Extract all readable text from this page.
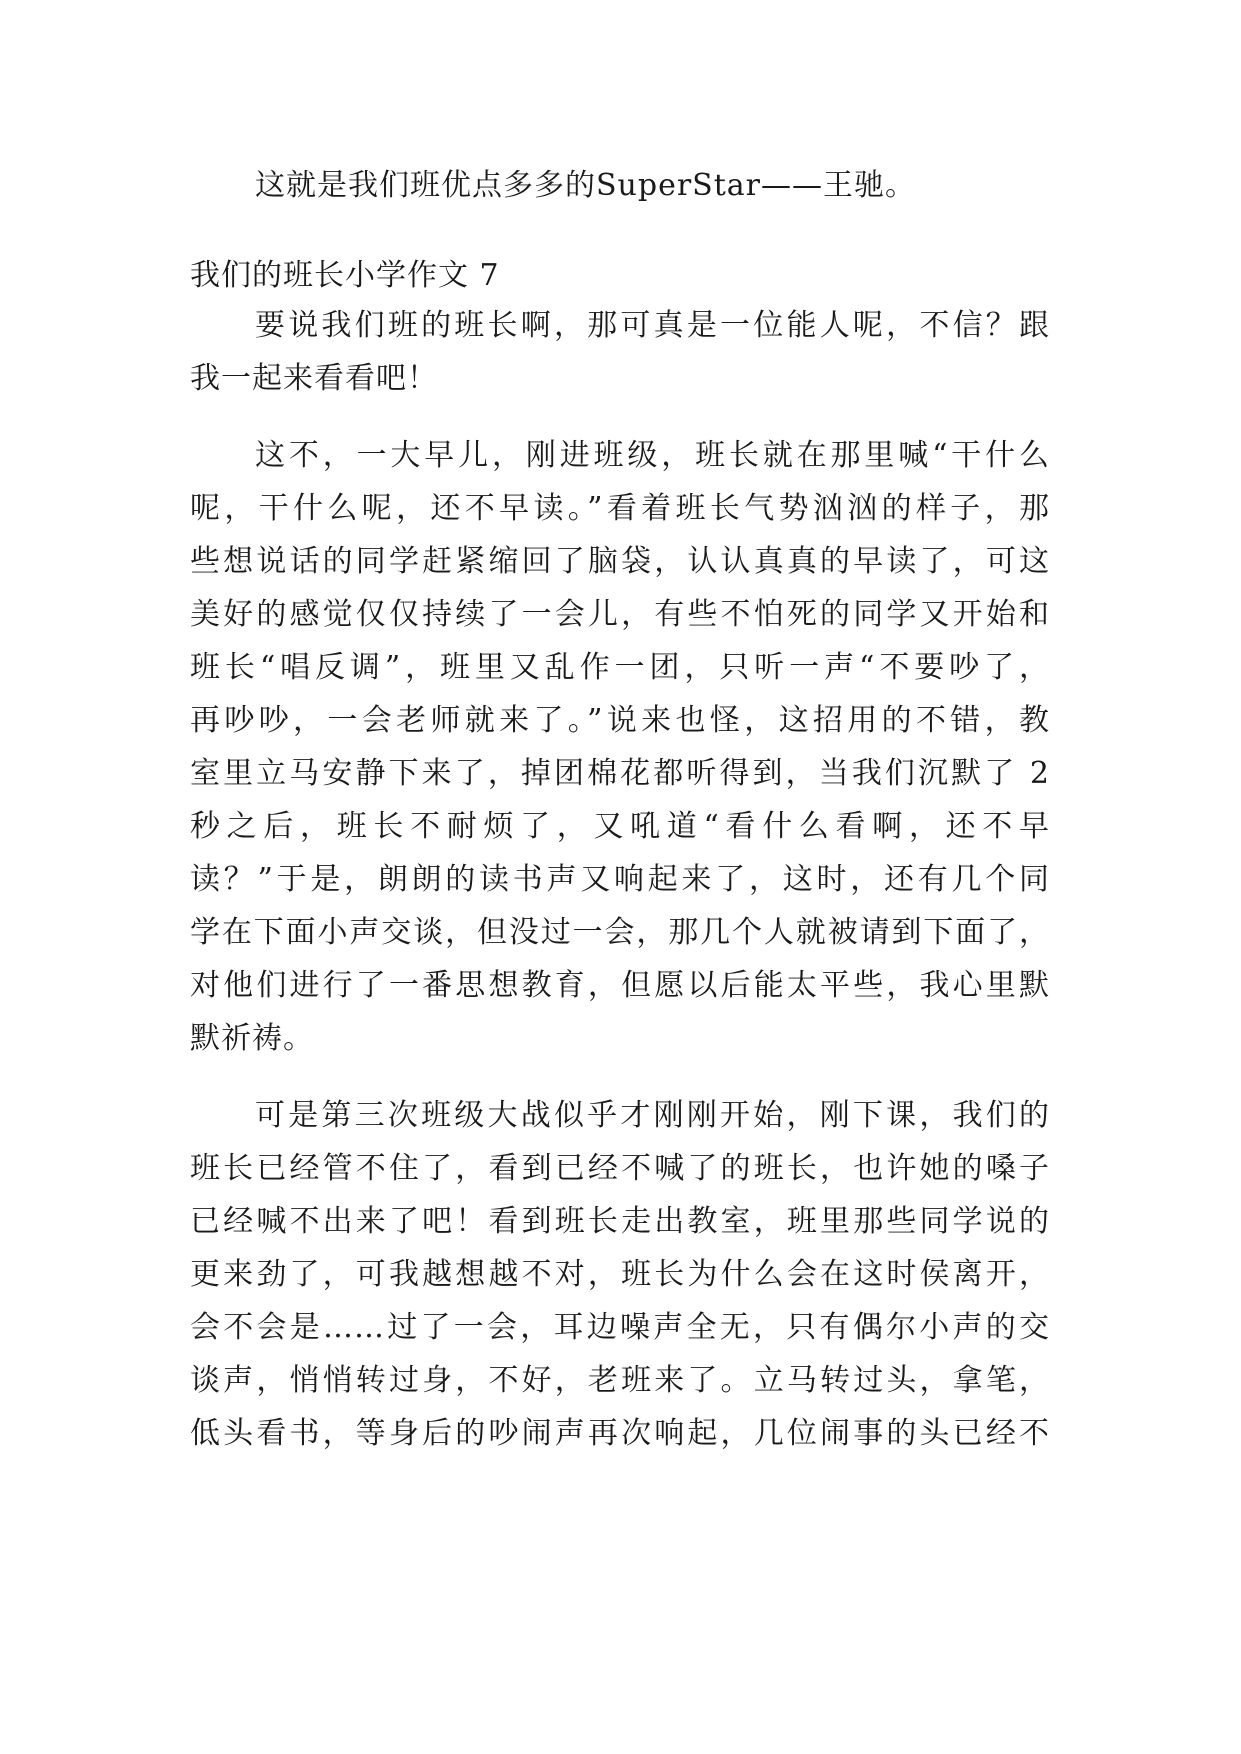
这就是我们班优点多多的SuperStar——王驰。
我们的班长小学作文 7
要说我们班的班长啊，那可真是一位能人呢，不信？跟
我一起来看看吧！
这不，一大早儿，刚进班级，班长就在那里喊“干什么
呢，干什么呢，还不早读。”看着班长气势汹汹的样子，那
些想说话的同学赶紧缩回了脑袋，认认真真的早读了，可这
美好的感觉仅仅持续了一会儿，有些不怕死的同学又开始和
班长“唱反调”，班里又乱作一团，只听一声“不要吵了，
再吵吵，一会老师就来了。”说来也怪，这招用的不错，教
室里立马安静下来了，掉团棉花都听得到，当我们沉默了 2
秒之后，班长不耐烦了，又吼道“看什么看啊，还不早
读？”于是，朗朗的读书声又响起来了，这时，还有几个同
学在下面小声交谈，但没过一会，那几个人就被请到下面了，
对他们进行了一番思想教育，但愿以后能太平些，我心里默
默祈祷。
可是第三次班级大战似乎才刚刚开始，刚下课，我们的
班长已经管不住了，看到已经不喊了的班长，也许她的嗓子
已经喊不出来了吧！看到班长走出教室，班里那些同学说的
更来劲了，可我越想越不对，班长为什么会在这时侯离开，
会不会是……过了一会，耳边噪声全无，只有偶尔小声的交
谈声，悄悄转过身，不好，老班来了。立马转过头，拿笔，
低头看书，等身后的吵闹声再次响起，几位闹事的头已经不
